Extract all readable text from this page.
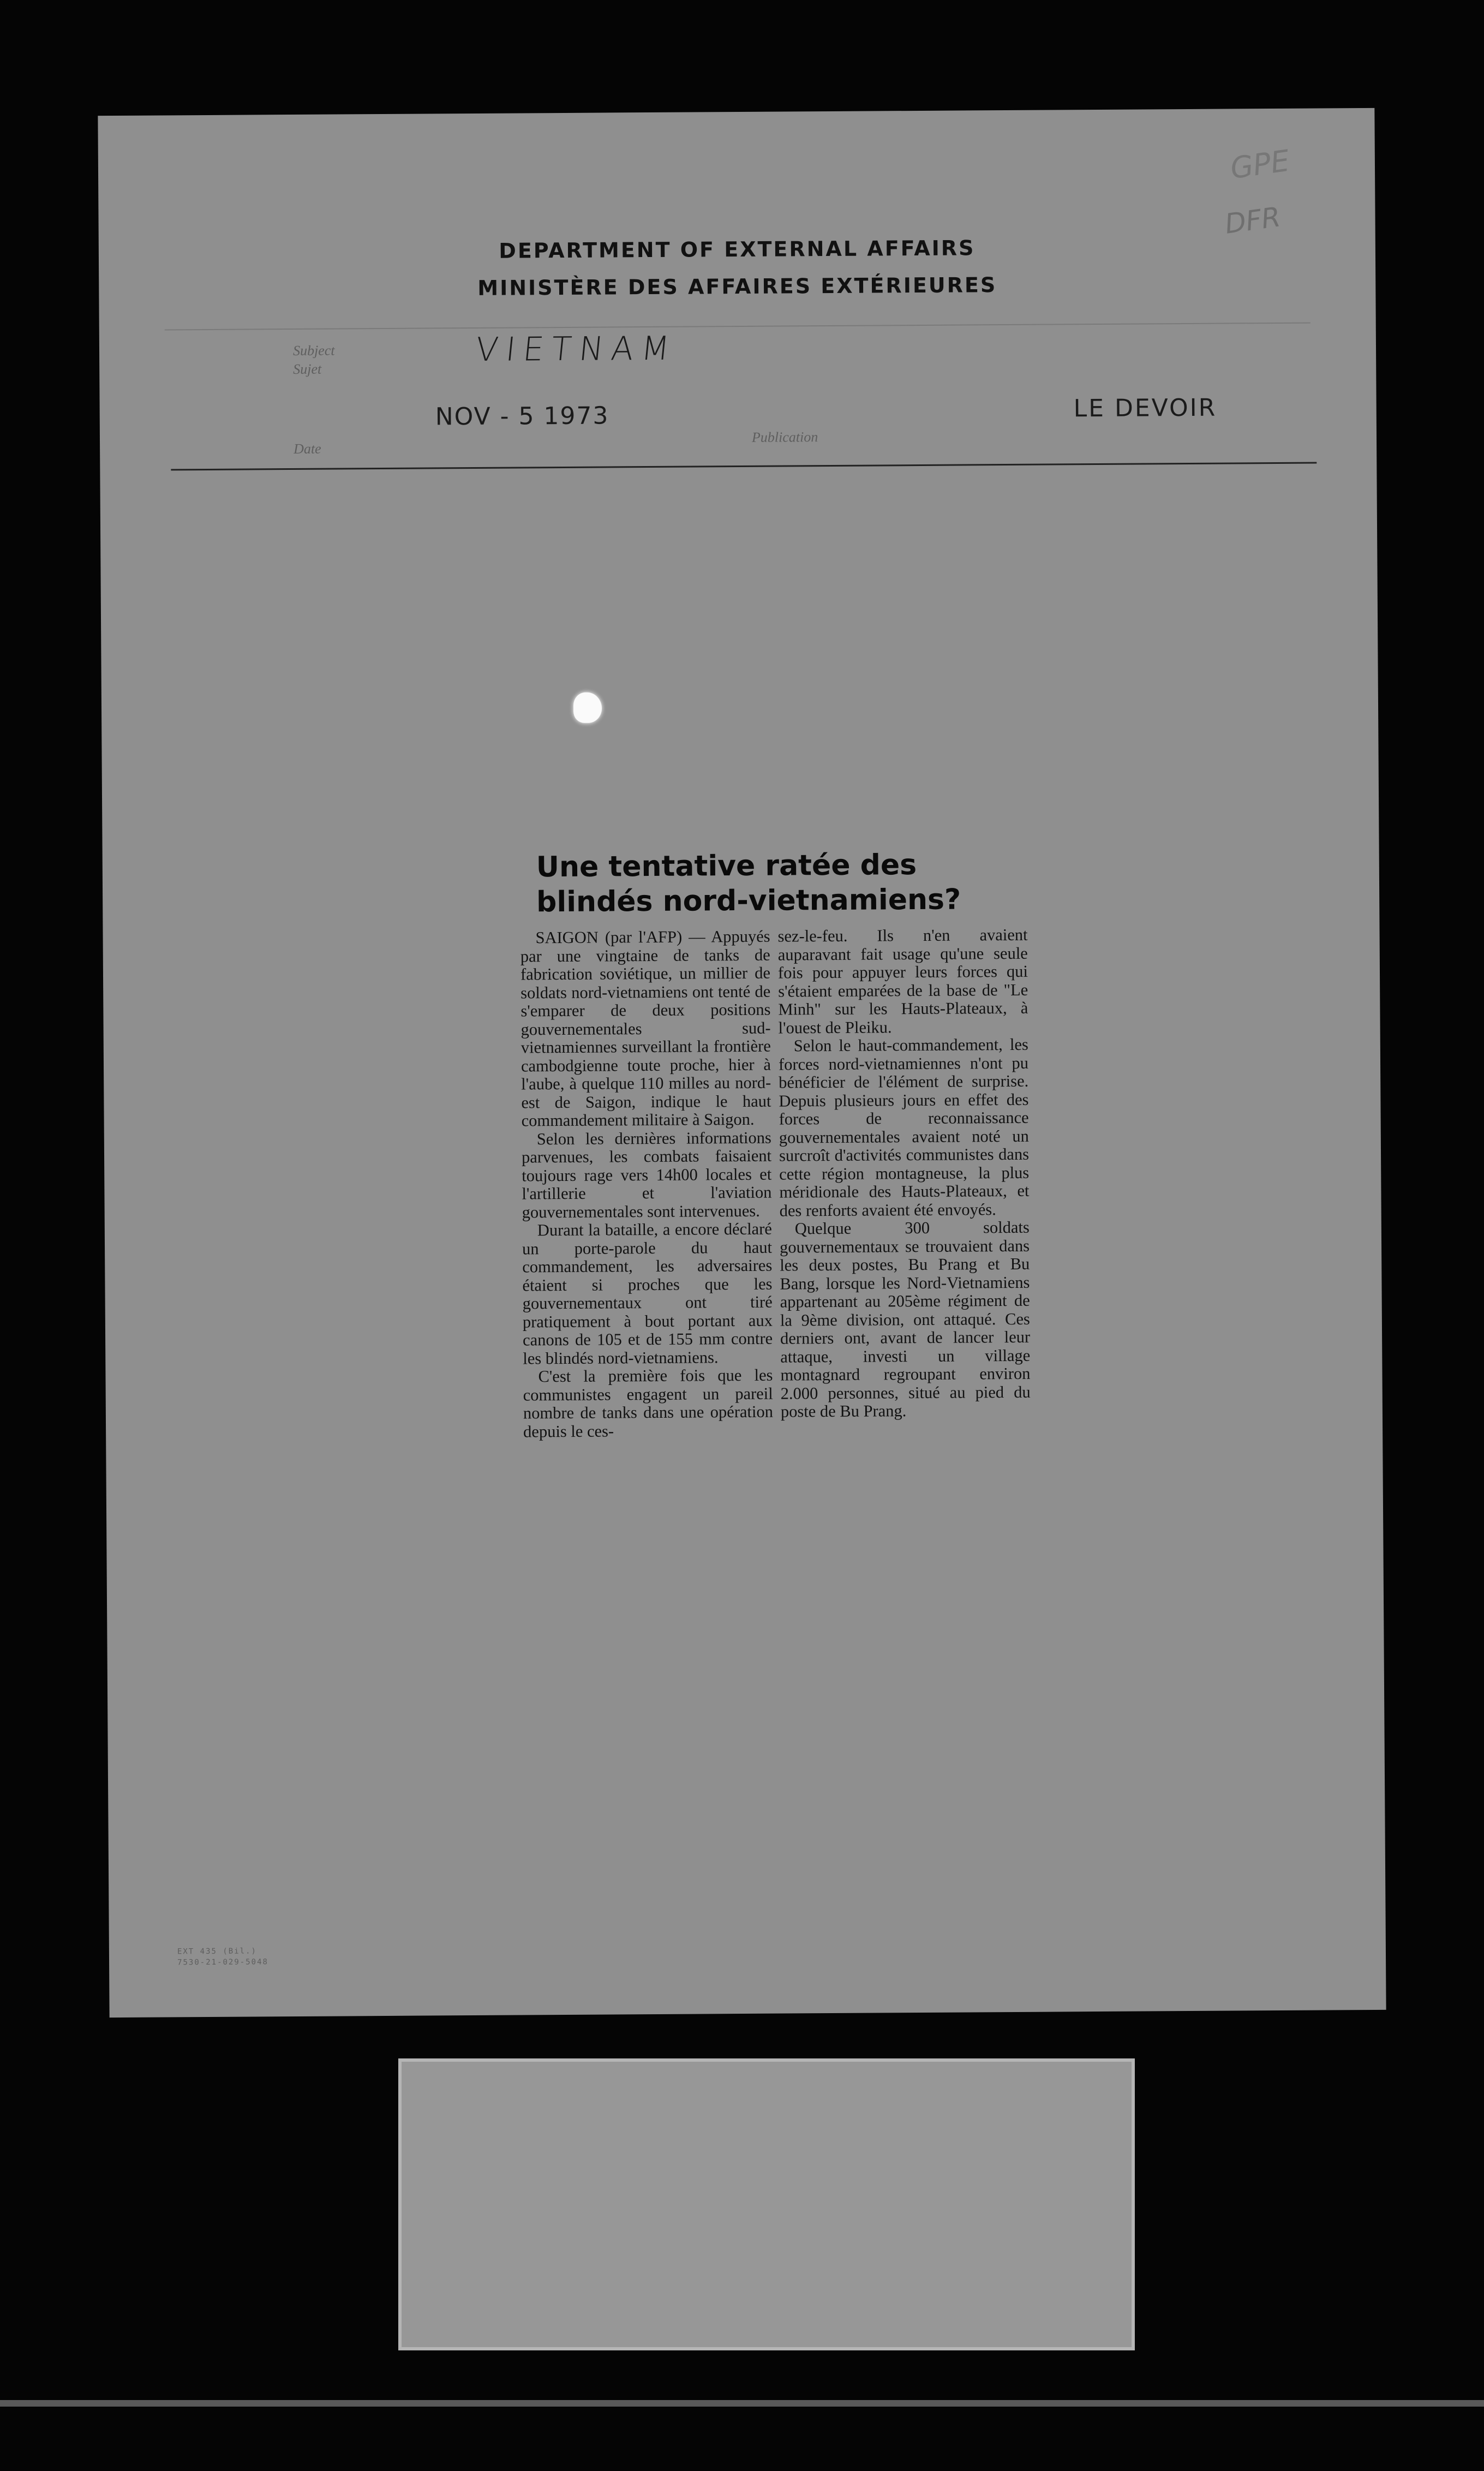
DEPARTMENT OF EXTERNAL AFFAIRS
MINISTÈRE DES AFFAIRES EXTÉRIEURES
Subject
Sujet
VIETNAM
NOV - 5 1973
Date
Publication
LE DEVOIR
Une tentative ratée des
blindés nord-vietnamiens?

SAIGON (par l'AFP) — Appuyés par une vingtaine de tanks de fabrication soviétique, un millier de soldats nord-vietnamiens ont tenté de s'emparer de deux positions gouvernementales sud-vietnamiennes surveillant la frontière cambodgienne toute proche, hier à l'aube, à quelque 110 milles au nord-est de Saigon, indique le haut commandement militaire à Saigon.

Selon les dernières informations parvenues, les combats faisaient toujours rage vers 14h00 locales et l'artillerie et l'aviation gouvernementales sont intervenues.

Durant la bataille, a encore déclaré un porte-parole du haut commandement, les adversaires étaient si proches que les gouvernementaux ont tiré pratiquement à bout portant aux canons de 105 et de 155 mm contre les blindés nord-vietnamiens.

C'est la première fois que les communistes engagent un pareil nombre de tanks dans une opération depuis le ces-

sez-le-feu. Ils n'en avaient auparavant fait usage qu'une seule fois pour appuyer leurs forces qui s'étaient emparées de la base de "Le Minh" sur les Hauts-Plateaux, à l'ouest de Pleiku.

Selon le haut-commandement, les forces nord-vietnamiennes n'ont pu bénéficier de l'élément de surprise. Depuis plusieurs jours en effet des forces de reconnaissance gouvernementales avaient noté un surcroît d'activités communistes dans cette région montagneuse, la plus méridionale des Hauts-Plateaux, et des renforts avaient été envoyés.

Quelque 300 soldats gouvernementaux se trouvaient dans les deux postes, Bu Prang et Bu Bang, lorsque les Nord-Vietnamiens appartenant au 205ème régiment de la 9ème division, ont attaqué. Ces derniers ont, avant de lancer leur attaque, investi un village montagnard regroupant environ 2.000 personnes, situé au pied du poste de Bu Prang.

EXT 435 (Bil.)
7530-21-029-5048
GPE
DFR
